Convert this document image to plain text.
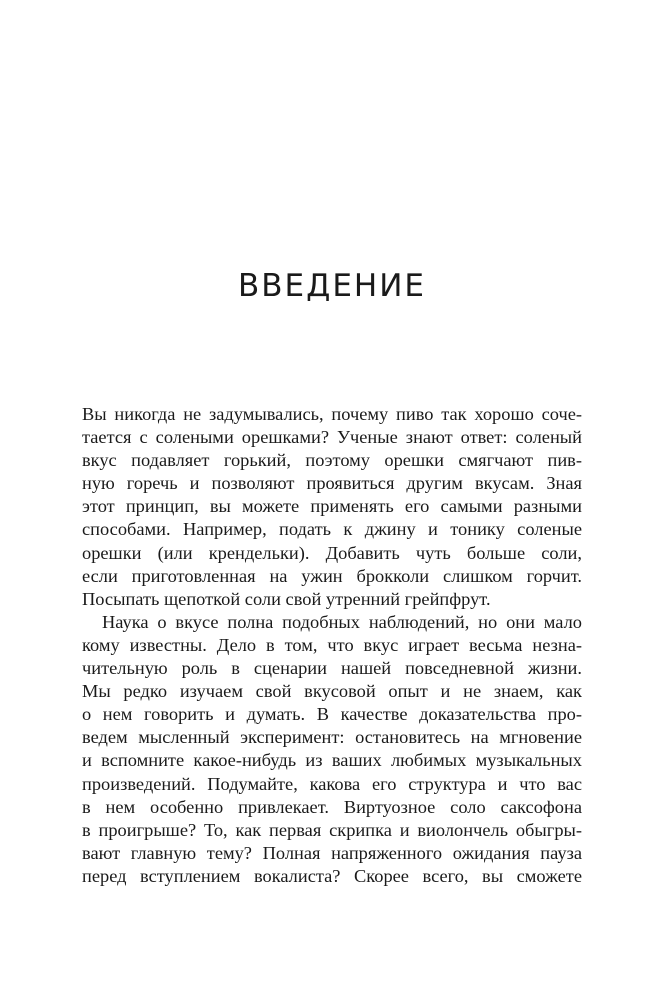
ВВЕДЕНИЕ
Вы никогда не задумывались, почему пиво так хорошо соче-
тается с солеными орешками? Ученые знают ответ: соленый
вкус подавляет горький, поэтому орешки смягчают пив-
ную горечь и позволяют проявиться другим вкусам. Зная
этот принцип, вы можете применять его самыми разными
способами. Например, подать к джину и тонику соленые
орешки (или крендельки). Добавить чуть больше соли,
если приготовленная на ужин брокколи слишком горчит.
Посыпать щепоткой соли свой утренний грейпфрут.
Наука о вкусе полна подобных наблюдений, но они мало
кому известны. Дело в том, что вкус играет весьма незна-
чительную роль в сценарии нашей повседневной жизни.
Мы редко изучаем свой вкусовой опыт и не знаем, как
о нем говорить и думать. В качестве доказательства про-
ведем мысленный эксперимент: остановитесь на мгновение
и вспомните какое-нибудь из ваших любимых музыкальных
произведений. Подумайте, какова его структура и что вас
в нем особенно привлекает. Виртуозное соло саксофона
в проигрыше? То, как первая скрипка и виолончель обыгры-
вают главную тему? Полная напряженного ожидания пауза
перед вступлением вокалиста? Скорее всего, вы сможете
